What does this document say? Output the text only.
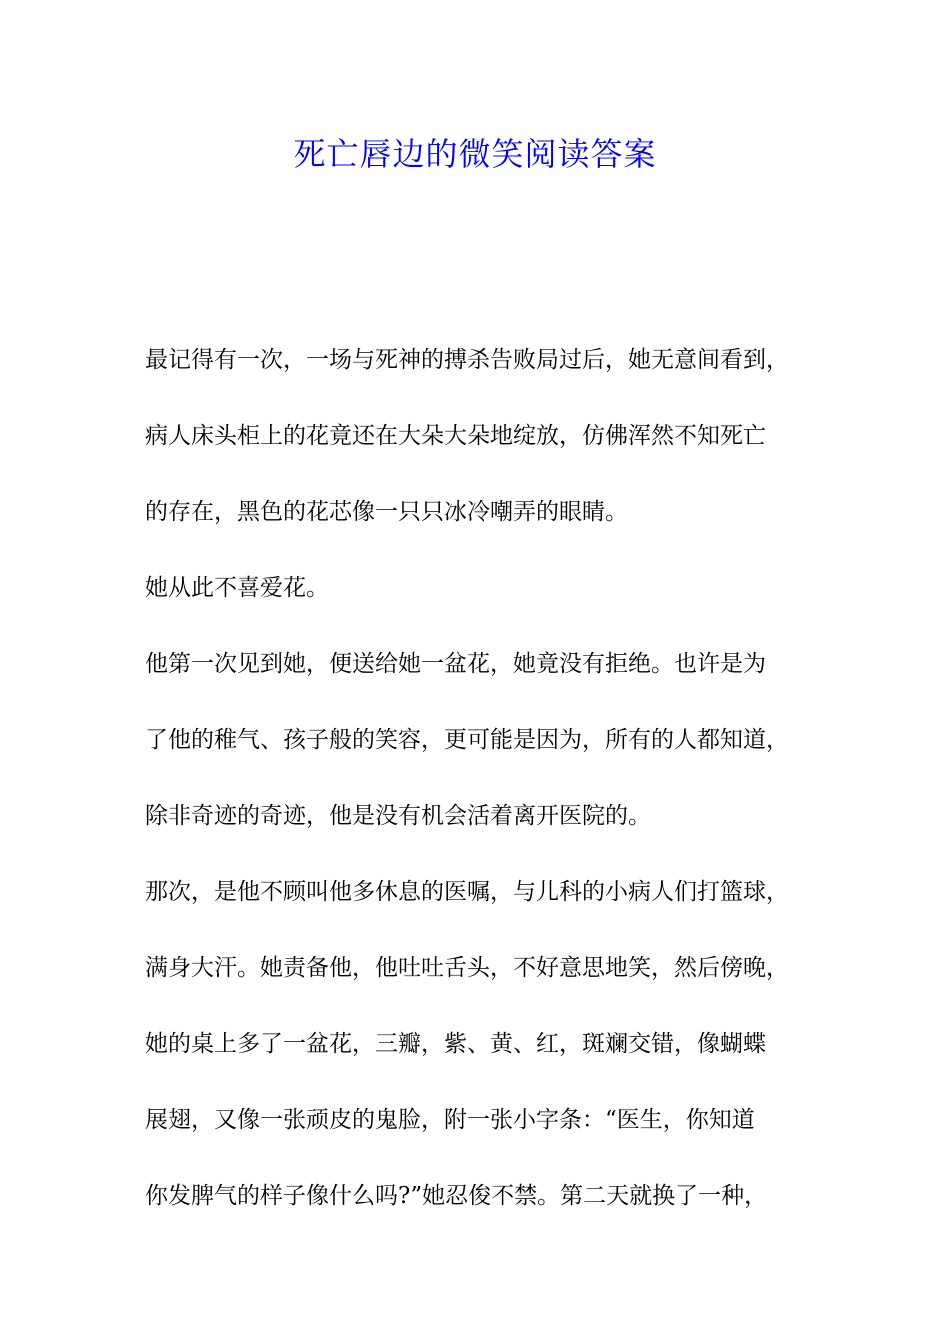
死亡唇边的微笑阅读答案
最记得有一次，一场与死神的搏杀告败局过后，她无意间看到，
病人床头柜上的花竟还在大朵大朵地绽放，仿佛浑然不知死亡
的存在，黑色的花芯像一只只冰冷嘲弄的眼睛。
她从此不喜爱花。
他第一次见到她，便送给她一盆花，她竟没有拒绝。也许是为
了他的稚气、孩子般的笑容，更可能是因为，所有的人都知道，
除非奇迹的奇迹，他是没有机会活着离开医院的。
那次，是他不顾叫他多休息的医嘱，与儿科的小病人们打篮球，
满身大汗。她责备他，他吐吐舌头，不好意思地笑，然后傍晚，
她的桌上多了一盆花，三瓣，紫、黄、红，斑斓交错，像蝴蝶
展翅，又像一张顽皮的鬼脸，附一张小字条：“医生，你知道
你发脾气的样子像什么吗?”她忍俊不禁。第二天就换了一种，
